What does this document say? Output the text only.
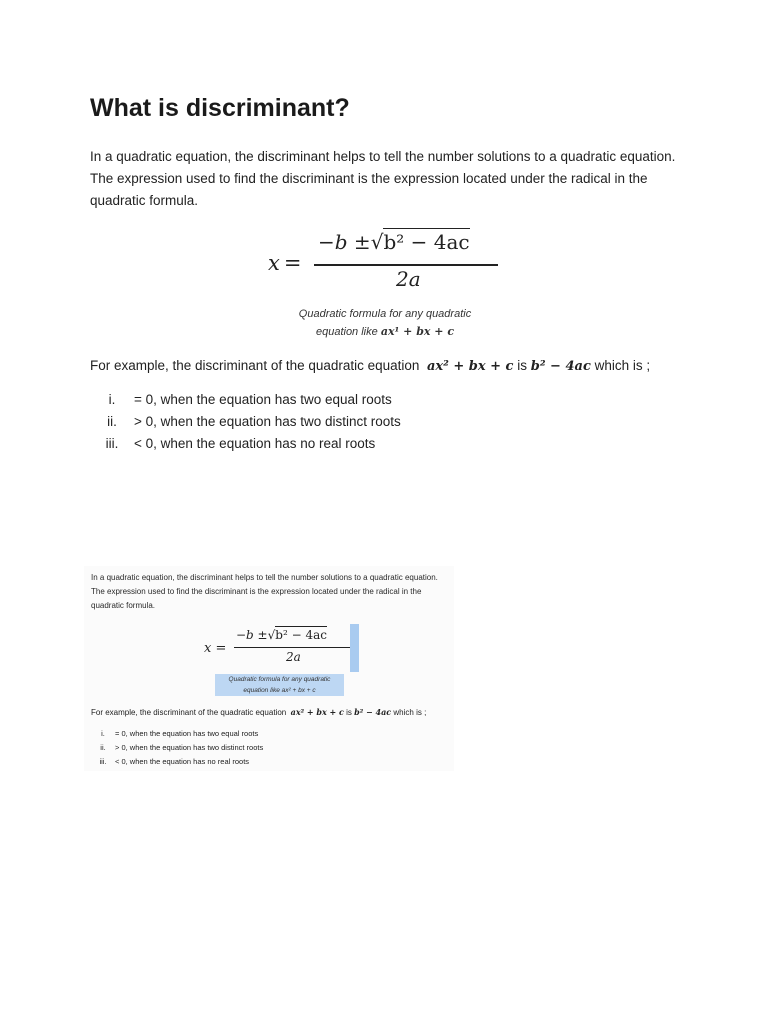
What is discriminant?

In a quadratic equation, the discriminant helps to tell the number solutions to a quadratic equation. The expression used to find the discriminant is the expression located under the radical in the quadratic formula.

x =
−b ±√b² − 4ac
2a
Quadratic formula for any quadratic
equation like ax¹ + bx + c
For example, the discriminant of the quadratic equation ax² + bx + c is b² − 4ac which is ;
i. = 0, when the equation has two equal roots
ii. > 0, when the equation has two distinct roots
iii. < 0, when the equation has no real roots

In a quadratic equation, the discriminant helps to tell the number solutions to a quadratic equation. The expression used to find the discriminant is the expression located under the radical in the quadratic formula.

x =
−b ±√b² − 4ac
2a
Quadratic formula for any quadratic
equation like ax² + bx + c
For example, the discriminant of the quadratic equation ax² + bx + c is b² − 4ac which is ;
i. = 0, when the equation has two equal roots
ii. > 0, when the equation has two distinct roots
iii. < 0, when the equation has no real roots
